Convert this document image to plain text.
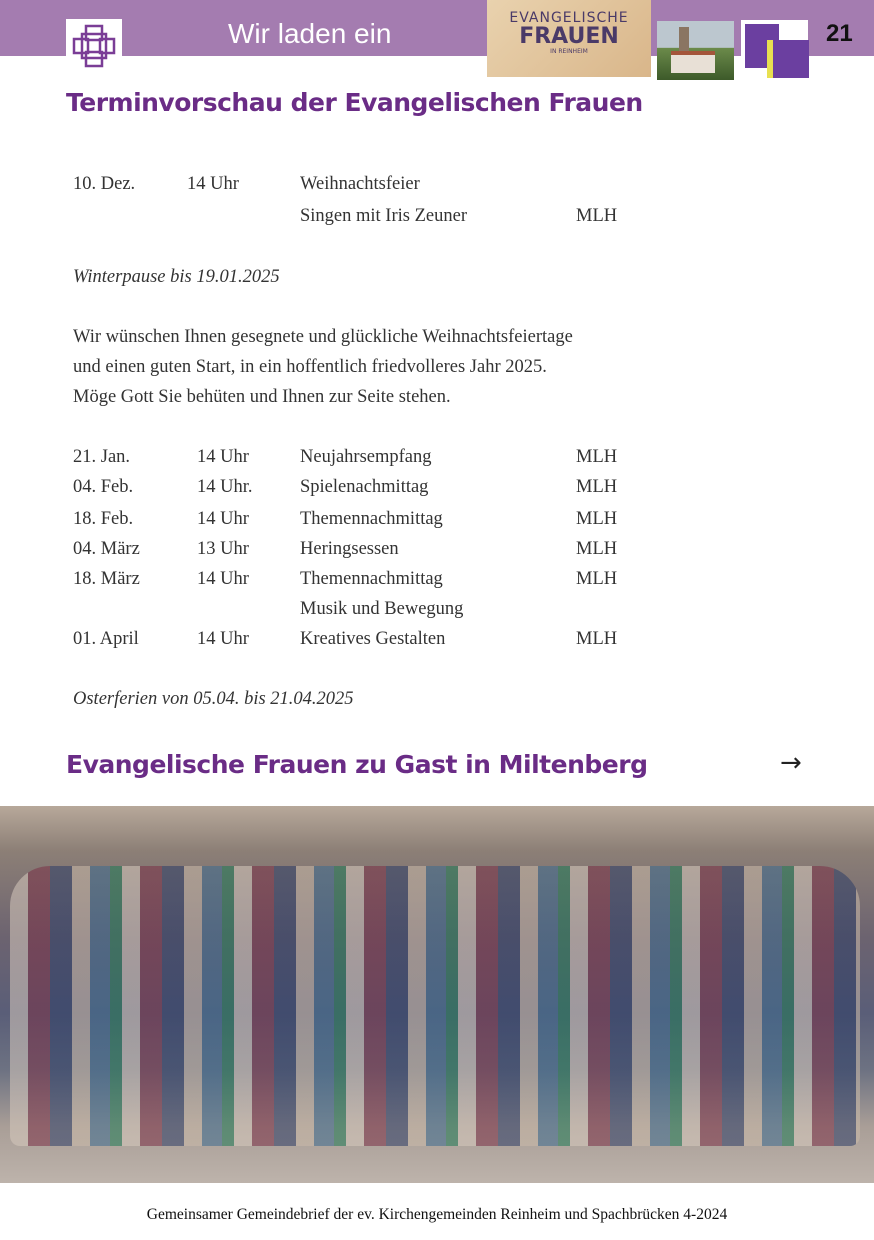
Wir laden ein	EVANGELISCHE
FRAUEN
IN REINHEIM
21
Terminvorschau der Evangelischen Frauen
10. Dez.	14 Uhr	Weihnachtsfeier
Singen mit Iris Zeuner	MLH
Winterpause bis 19.01.2025
Wir wünschen Ihnen gesegnete und glückliche Weihnachtsfeiertage
und einen guten Start, in ein hoffentlich friedvolleres Jahr 2025.
Möge Gott Sie behüten und Ihnen zur Seite stehen.
21. Jan.	14 Uhr	Neujahrsempfang	MLH
04. Feb.	14 Uhr.	Spielenachmittag	MLH
18. Feb.	14 Uhr	Themennachmittag	MLH
04. März	13 Uhr	Heringsessen	MLH
18. März	14 Uhr	Themennachmittag	MLH
Musik und Bewegung
01. April	14 Uhr	Kreatives Gestalten	MLH
Osterferien von 05.04. bis 21.04.2025
Evangelische Frauen zu Gast in Miltenberg	→
Gemeinsamer Gemeindebrief der ev. Kirchengemeinden Reinheim und Spachbrücken 4-2024
